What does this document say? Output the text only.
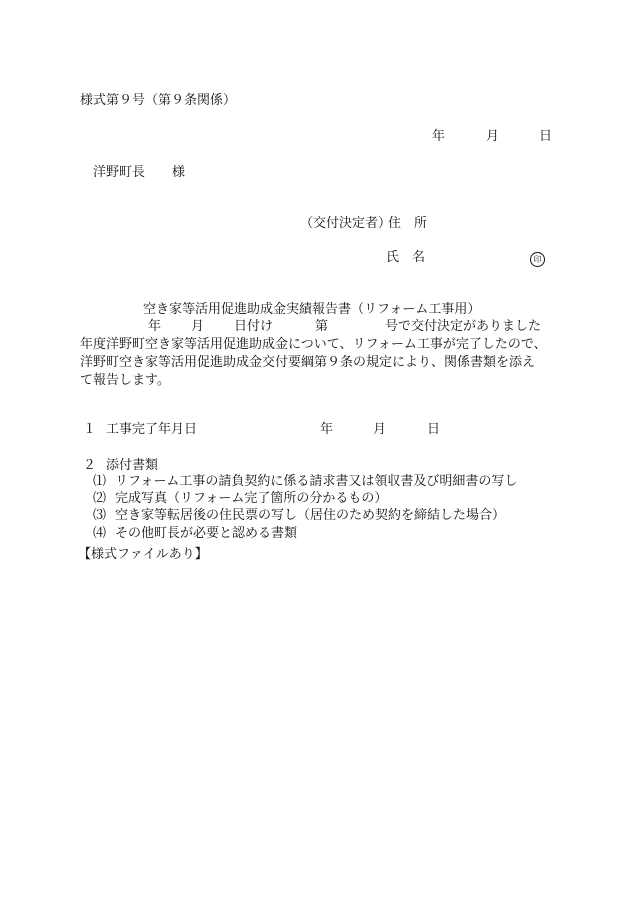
様式第９号（第９条関係）
年	月	日
洋野町長 様
（交付決定者）
住　所
氏　名	印
空き家等活用促進助成金実績報告書（リフォーム工事用）
年 月 日付け	第	号で交付決定がありました
年度洋野町空き家等活用促進助成金について、リフォーム工事が完了したので、
洋野町空き家等活用促進助成金交付要綱第９条の規定により、関係書類を添え
て報告します。
１ 工事完了年月日	年	月	日
２ 添付書類
⑴ リフォーム工事の請負契約に係る請求書又は領収書及び明細書の写し
⑵ 完成写真（リフォーム完了箇所の分かるもの）
⑶ 空き家等転居後の住民票の写し（居住のため契約を締結した場合）
⑷ その他町長が必要と認める書類
【様式ファイルあり】
